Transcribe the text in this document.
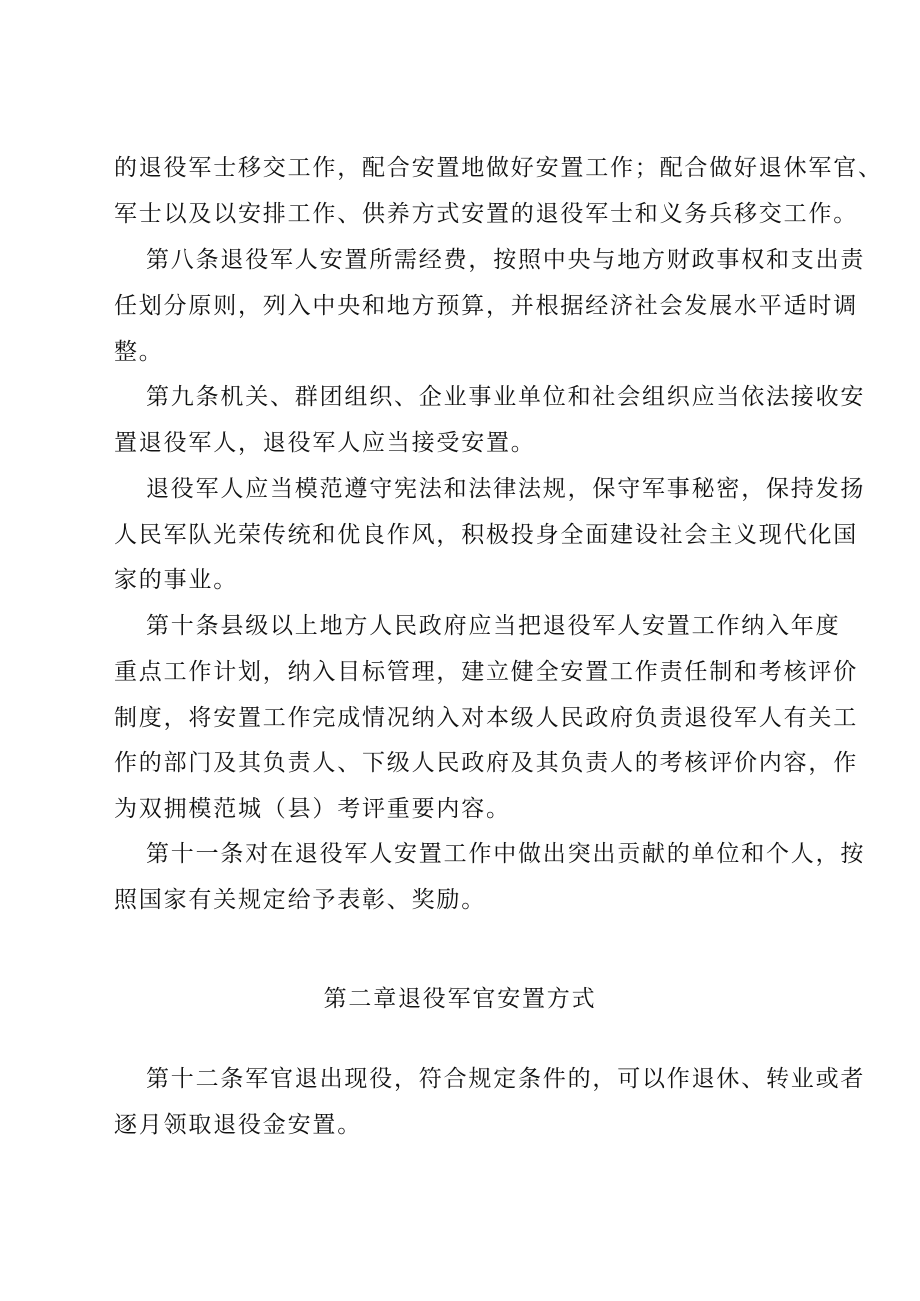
的退役军士移交工作，配合安置地做好安置工作；配合做好退休军官、
军士以及以安排工作、供养方式安置的退役军士和义务兵移交工作。
第八条退役军人安置所需经费，按照中央与地方财政事权和支出责
任划分原则，列入中央和地方预算，并根据经济社会发展水平适时调
整。
第九条机关、群团组织、企业事业单位和社会组织应当依法接收安
置退役军人，退役军人应当接受安置。
退役军人应当模范遵守宪法和法律法规，保守军事秘密，保持发扬
人民军队光荣传统和优良作风，积极投身全面建设社会主义现代化国
家的事业。
第十条县级以上地方人民政府应当把退役军人安置工作纳入年度
重点工作计划，纳入目标管理，建立健全安置工作责任制和考核评价
制度，将安置工作完成情况纳入对本级人民政府负责退役军人有关工
作的部门及其负责人、下级人民政府及其负责人的考核评价内容，作
为双拥模范城（县）考评重要内容。
第十一条对在退役军人安置工作中做出突出贡献的单位和个人，按
照国家有关规定给予表彰、奖励。
第二章退役军官安置方式
第十二条军官退出现役，符合规定条件的，可以作退休、转业或者
逐月领取退役金安置。
